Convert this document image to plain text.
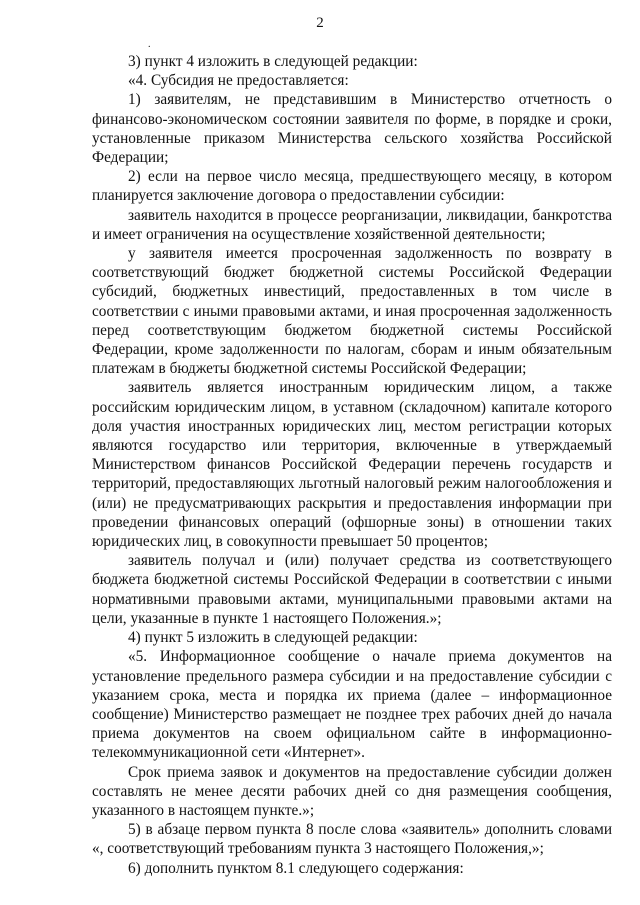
2
.

3) пункт 4 изложить в следующей редакции:

«4. Субсидия не предоставляется:

1) заявителям, не представившим в Министерство отчетность о финансово-экономическом состоянии заявителя по форме, в порядке и сроки, установленные приказом Министерства сельского хозяйства Российской Федерации;

2) если на первое число месяца, предшествующего месяцу, в котором планируется заключение договора о предоставлении субсидии:

заявитель находится в процессе реорганизации, ликвидации, банкротства и имеет ограничения на осуществление хозяйственной деятельности;

у заявителя имеется просроченная задолженность по возврату в соответствующий бюджет бюджетной системы Российской Федерации субсидий, бюджетных инвестиций, предоставленных в том числе в соответствии с иными правовыми актами, и иная просроченная задолженность перед соответствующим бюджетом бюджетной системы Российской Федерации, кроме задолженности по налогам, сборам и иным обязательным платежам в бюджеты бюджетной системы Российской Федерации;

заявитель является иностранным юридическим лицом, а также российским юридическим лицом, в уставном (складочном) капитале которого доля участия иностранных юридических лиц, местом регистрации которых являются государство или территория, включенные в утверждаемый Министерством финансов Российской Федерации перечень государств и территорий, предоставляющих льготный налоговый режим налогообложения и (или) не предусматривающих раскрытия и предоставления информации при проведении финансовых операций (офшорные зоны) в отношении таких юридических лиц, в совокупности превышает 50 процентов;

заявитель получал и (или) получает средства из соответствующего бюджета бюджетной системы Российской Федерации в соответствии с иными нормативными правовыми актами, муниципальными правовыми актами на цели, указанные в пункте 1 настоящего Положения.»;

4) пункт 5 изложить в следующей редакции:

«5. Информационное сообщение о начале приема документов на установление предельного размера субсидии и на предоставление субсидии с указанием срока, места и порядка их приема (далее – информационное сообщение) Министерство размещает не позднее трех рабочих дней до начала приема документов на своем официальном сайте в информационно-телекоммуникационной сети «Интернет».

Срок приема заявок и документов на предоставление субсидии должен составлять не менее десяти рабочих дней со дня размещения сообщения, указанного в настоящем пункте.»;

5) в абзаце первом пункта 8 после слова «заявитель» дополнить словами «, соответствующий требованиям пункта 3 настоящего Положения,»;

6) дополнить пунктом 8.1 следующего содержания:
